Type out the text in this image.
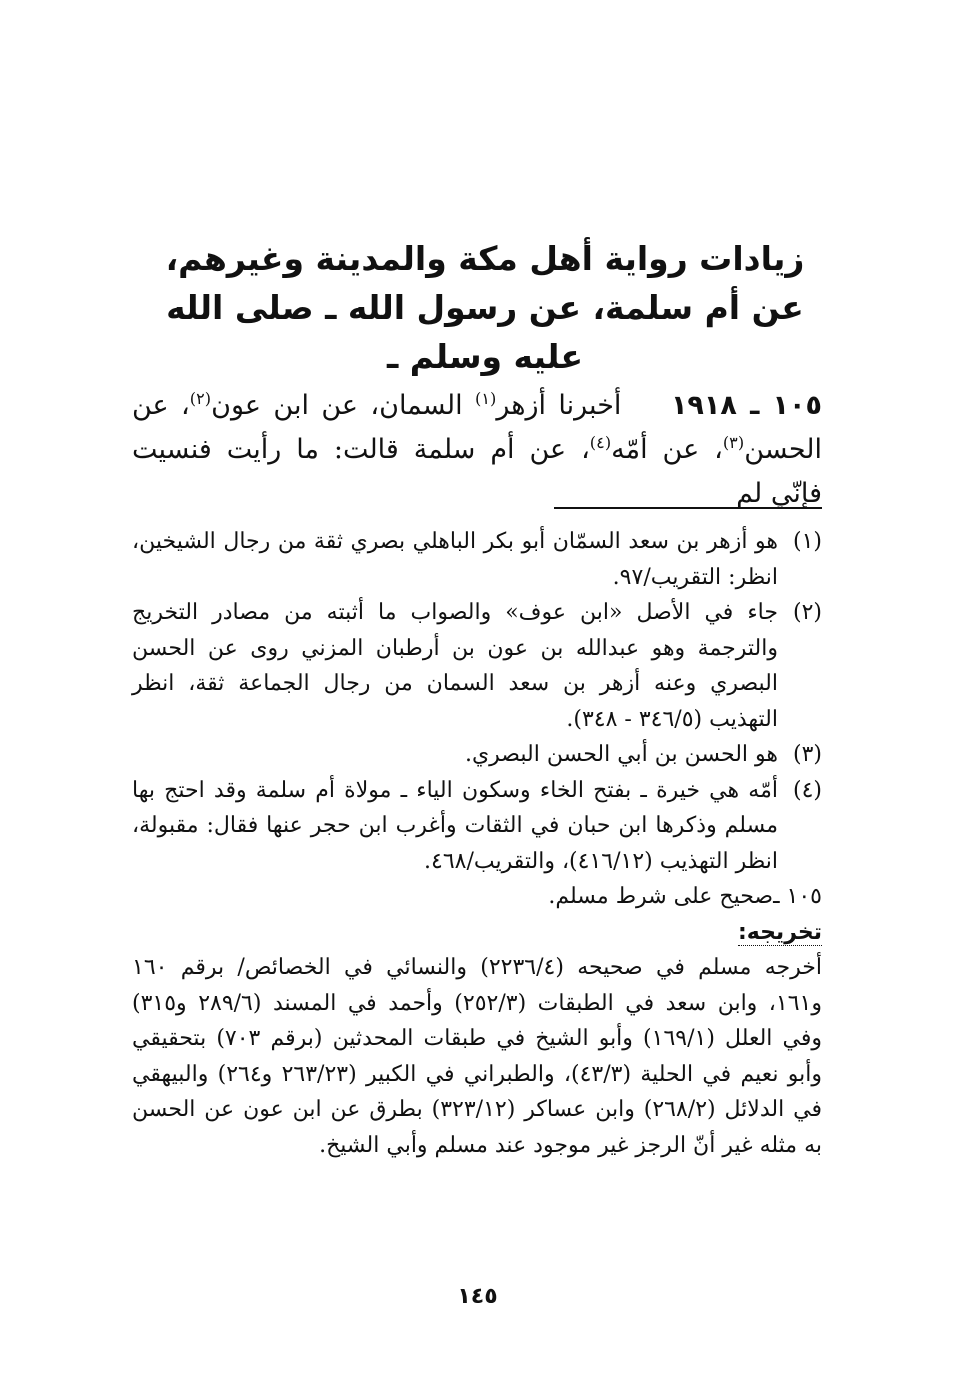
زيادات رواية أهل مكة والمدينة وغيرهم،
عن أم سلمة، عن رسول الله ـ صلى الله
عليه وسلم ـ
١٠٥ ـ ١٩١٨    أخبرنا أزهر$^{(١)}$ السمان، عن ابن عون$^{(٢)}$، عن الحسن$^{(٣)}$، عن أمّه$^{(٤)}$، عن أم سلمة قالت: ما رأيت فنسيت فإنّي لم
(١)
هو أزهر بن سعد السمّان أبو بكر الباهلي بصري ثقة من رجال الشيخين، انظر: التقريب/٩٧.
(٢)
جاء في الأصل «ابن عوف» والصواب ما أثبته من مصادر التخريج والترجمة وهو عبدالله بن عون بن أرطبان المزني روى عن الحسن البصري وعنه أزهر بن سعد السمان من رجال الجماعة ثقة، انظر التهذيب (٣٤٦/٥ - ٣٤٨).
(٣)
هو الحسن بن أبي الحسن البصري.
(٤)
أمّه هي خيرة ـ بفتح الخاء وسكون الياء ـ مولاة أم سلمة وقد احتج بها مسلم وذكرها ابن حبان في الثقات وأغرب ابن حجر عنها فقال: مقبولة، انظر التهذيب (٤١٦/١٢)، والتقريب/٤٦٨.
١٠٥ ـ
صحيح على شرط مسلم.
تخريجه:
أخرجه مسلم في صحيحه (٢٢٣٦/٤) والنسائي في الخصائص/ برقم ١٦٠ و١٦١، وابن سعد في الطبقات (٢٥٢/٣) وأحمد في المسند (٢٨٩/٦ و٣١٥) وفي العلل (١٦٩/١) وأبو الشيخ في طبقات المحدثين (برقم ٧٠٣) بتحقيقي وأبو نعيم في الحلية (٤٣/٣)، والطبراني في الكبير (٢٦٣/٢٣ و٢٦٤) والبيهقي في الدلائل (٢٦٨/٢) وابن عساكر (٣٢٣/١٢) بطرق عن ابن عون عن الحسن به مثله غير أنّ الرجز غير موجود عند مسلم وأبي الشيخ.
١٤٥
